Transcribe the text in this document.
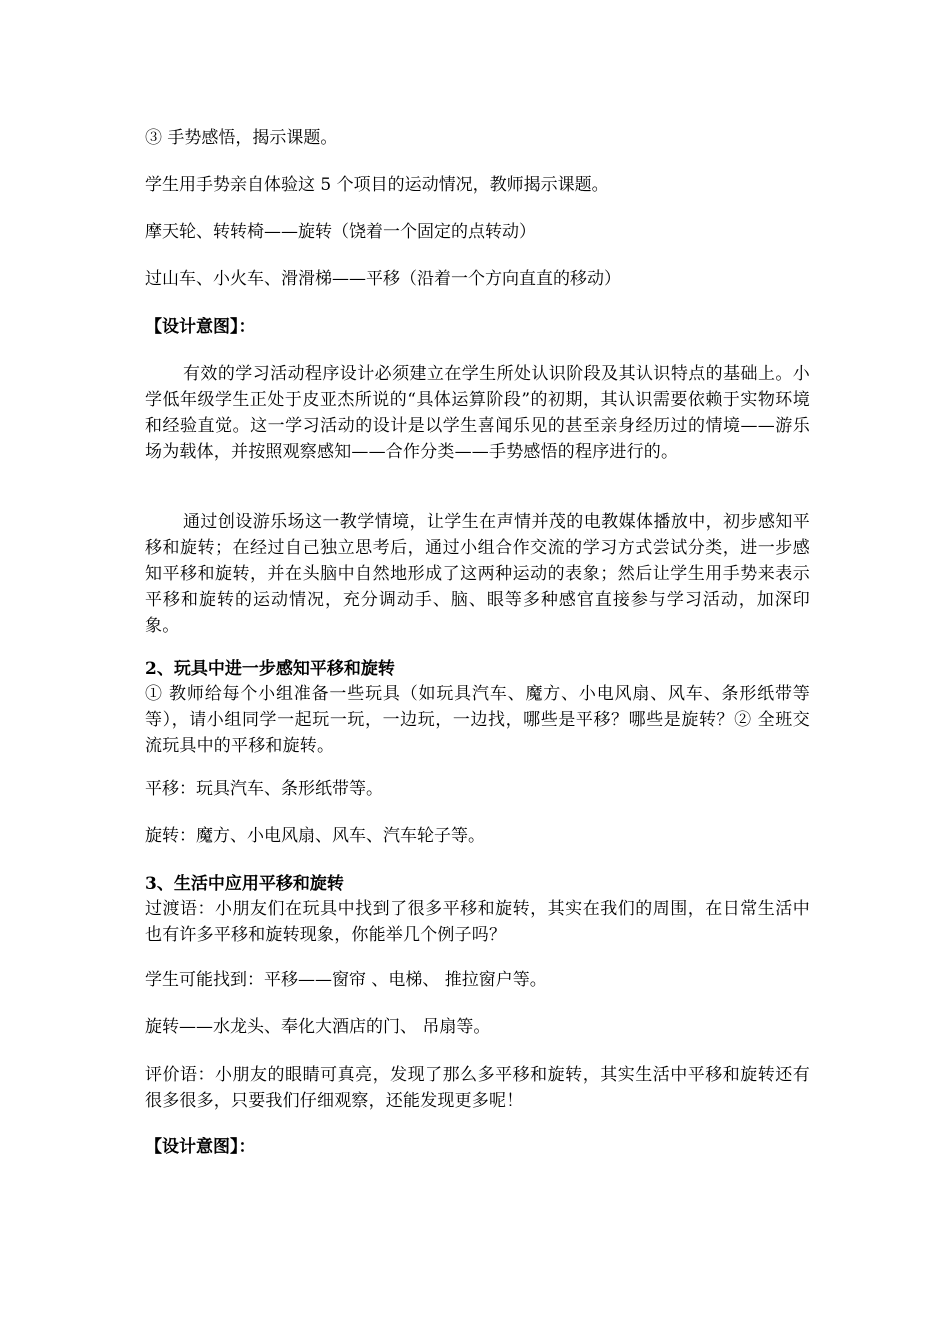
③ 手势感悟，揭示课题。

学生用手势亲自体验这 5 个项目的运动情况，教师揭示课题。

摩天轮、转转椅——旋转（饶着一个固定的点转动）

过山车、小火车、滑滑梯——平移（沿着一个方向直直的移动）

【设计意图】：

有效的学习活动程序设计必须建立在学生所处认识阶段及其认识特点的基础上。小学低年级学生正处于皮亚杰所说的“具体运算阶段”的初期，其认识需要依赖于实物环境和经验直觉。这一学习活动的设计是以学生喜闻乐见的甚至亲身经历过的情境——游乐场为载体，并按照观察感知——合作分类——手势感悟的程序进行的。

通过创设游乐场这一教学情境，让学生在声情并茂的电教媒体播放中，初步感知平移和旋转；在经过自己独立思考后，通过小组合作交流的学习方式尝试分类，进一步感知平移和旋转，并在头脑中自然地形成了这两种运动的表象；然后让学生用手势来表示平移和旋转的运动情况，充分调动手、脑、眼等多种感官直接参与学习活动，加深印象。

2、玩具中进一步感知平移和旋转

① 教师给每个小组准备一些玩具（如玩具汽车、魔方、小电风扇、风车、条形纸带等等），请小组同学一起玩一玩，一边玩，一边找，哪些是平移？哪些是旋转？② 全班交流玩具中的平移和旋转。

平移：玩具汽车、条形纸带等。

旋转：魔方、小电风扇、风车、汽车轮子等。

3、生活中应用平移和旋转

过渡语：小朋友们在玩具中找到了很多平移和旋转，其实在我们的周围，在日常生活中也有许多平移和旋转现象，你能举几个例子吗？

学生可能找到：平移——窗帘 、电梯、 推拉窗户等。

旋转——水龙头、奉化大酒店的门、 吊扇等。

评价语：小朋友的眼睛可真亮，发现了那么多平移和旋转，其实生活中平移和旋转还有很多很多，只要我们仔细观察，还能发现更多呢！

【设计意图】：
